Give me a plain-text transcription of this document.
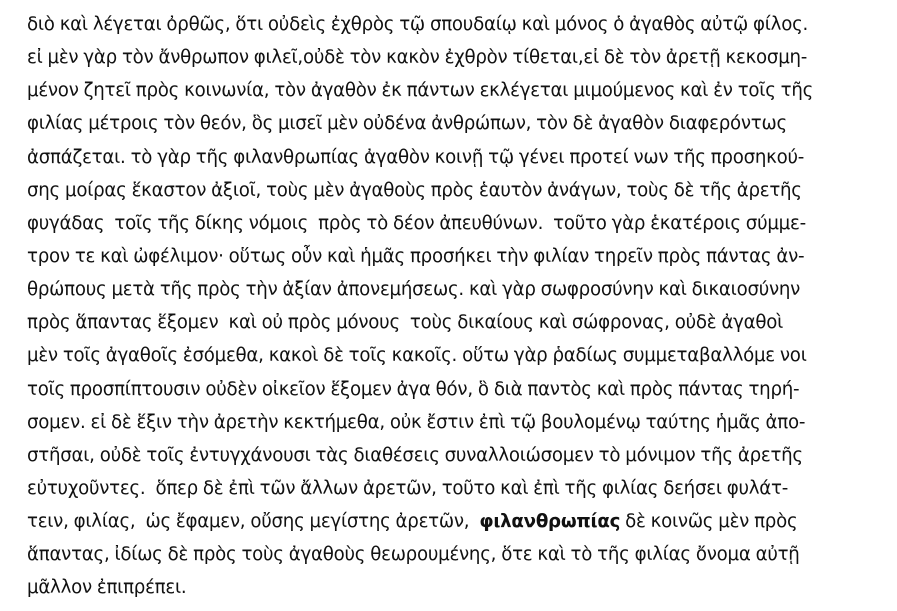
διὸ καὶ λέγεται ὀρθῶς, ὅτι οὐδεὶς ἐχθρὸς τῷ σπουδαίῳ καὶ μόνος ὁ ἀγαθὸς αὐτῷ φίλος.
εἰ μὲν γὰρ τὸν ἄνθρωπον φιλεῖ,οὐδὲ τὸν κακὸν ἐχθρὸν τίθεται,εἰ δὲ τὸν ἀρετῇ κεκοσμη-
μένον ζητεῖ πρὸς κοινωνία, τὸν ἀγαθὸν ἐκ πάντων εκλέγεται μιμούμενος καὶ ἐν τοῖς τῆς
φιλίας μέτροις τὸν θεόν, ὃς μισεῖ μὲν οὐδένα ἀνθρώπων, τὸν δὲ ἀγαθὸν διαφερόντως
ἀσπάζεται. τὸ γὰρ τῆς φιλανθρωπίας ἀγαθὸν κοινῇ τῷ γένει προτεί νων τῆς προσηκού-
σης μοίρας ἕκαστον ἀξιοῖ, τοὺς μὲν ἀγαθοὺς πρὸς ἑαυτὸν ἀνάγων, τοὺς δὲ τῆς ἀρετῆς
φυγάδας  τοῖς τῆς δίκης νόμοις  πρὸς τὸ δέον ἀπευθύνων.  τοῦτο γὰρ ἑκατέροις σύμμε-
τρον τε καὶ ὠφέλιμον· οὕτως οὖν καὶ ἡμᾶς προσήκει τὴν φιλίαν τηρεῖν πρὸς πάντας ἀν-
θρώπους μετὰ τῆς πρὸς τὴν ἀξίαν ἀπονεμήσεως. καὶ γὰρ σωφροσύνην καὶ δικαιοσύνην
πρὸς ἅπαντας ἕξομεν  καὶ οὐ πρὸς μόνους  τοὺς δικαίους καὶ σώφρονας, οὐδὲ ἀγαθοὶ
μὲν τοῖς ἀγαθοῖς ἐσόμεθα, κακοὶ δὲ τοῖς κακοῖς. οὕτω γὰρ ῥαδίως συμμεταβαλλόμε νοι
τοῖς προσπίπτουσιν οὐδὲν οἰκεῖον ἕξομεν ἀγα θόν, ὃ διὰ παντὸς καὶ πρὸς πάντας τηρή-
σομεν. εἰ δὲ ἕξιν τὴν ἀρετὴν κεκτήμεθα, οὐκ ἔστιν ἐπὶ τῷ βουλομένῳ ταύτης ἡμᾶς ἀπο-
στῆσαι, οὐδὲ τοῖς ἐντυγχάνουσι τὰς διαθέσεις συναλλοιώσομεν τὸ μόνιμον τῆς ἀρετῆς
εὐτυχοῦντες.  ὅπερ δὲ ἐπὶ τῶν ἄλλων ἀρετῶν, τοῦτο καὶ ἐπὶ τῆς φιλίας δεήσει φυλάτ-
τειν, φιλίας,  ὡς ἔφαμεν, οὔσης μεγίστης ἀρετῶν,  φιλανθρωπίας δὲ κοινῶς μὲν πρὸς
ἅπαντας, ἰδίως δὲ πρὸς τοὺς ἀγαθοὺς θεωρουμένης, ὅτε καὶ τὸ τῆς φιλίας ὄνομα αὐτῇ
μᾶλλον ἐπιπρέπει.
